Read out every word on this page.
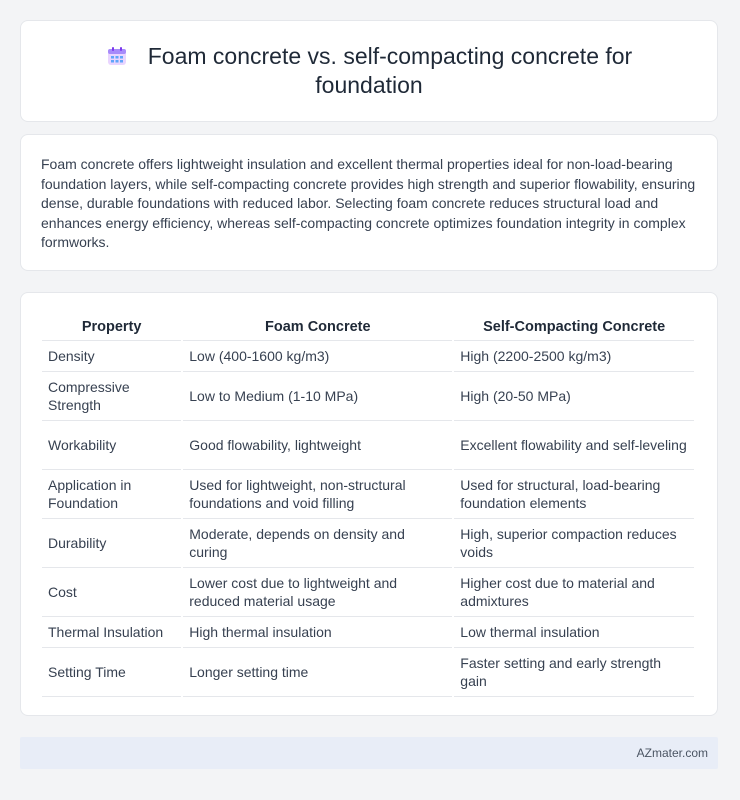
Foam concrete vs. self-compacting concrete for foundation

Foam concrete offers lightweight insulation and excellent thermal properties ideal for non-load-bearing foundation layers, while self-compacting concrete provides high strength and superior flowability, ensuring dense, durable foundations with reduced labor. Selecting foam concrete reduces structural load and enhances energy efficiency, whereas self-compacting concrete optimizes foundation integrity in complex formworks.

Property	Foam Concrete	Self-Compacting Concrete
Density	Low (400-1600 kg/m3)	High (2200-2500 kg/m3)
Compressive Strength	Low to Medium (1-10 MPa)	High (20-50 MPa)
Workability	Good flowability, lightweight	Excellent flowability and self-leveling
Application in Foundation	Used for lightweight, non-structural foundations and void filling	Used for structural, load-bearing foundation elements
Durability	Moderate, depends on density and curing	High, superior compaction reduces voids
Cost	Lower cost due to lightweight and reduced material usage	Higher cost due to material and admixtures
Thermal Insulation	High thermal insulation	Low thermal insulation
Setting Time	Longer setting time	Faster setting and early strength gain
AZmater.com
